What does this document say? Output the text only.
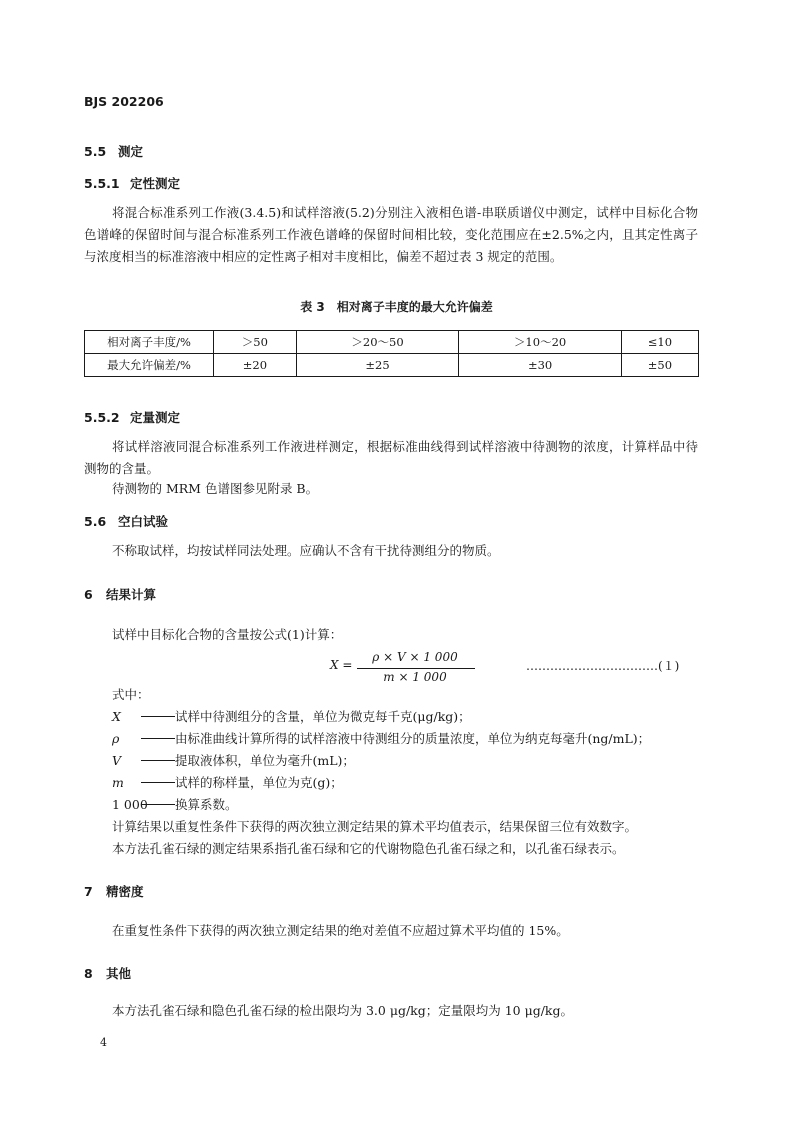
BJS 202206
5.5 测定
5.5.1 定性测定
将混合标准系列工作液(3.4.5)和试样溶液(5.2)分别注入液相色谱-串联质谱仪中测定，试样中目标化合物色谱峰的保留时间与混合标准系列工作液色谱峰的保留时间相比较，变化范围应在±2.5%之内，且其定性离子与浓度相当的标准溶液中相应的定性离子相对丰度相比，偏差不超过表 3 规定的范围。
表 3　相对离子丰度的最大允许偏差
相对离子丰度/%	＞50	＞20～50	＞10～20	≤10
最大允许偏差/%	±20	±25	±30	±50
5.5.2 定量测定
将试样溶液同混合标准系列工作液进样测定，根据标准曲线得到试样溶液中待测物的浓度，计算样品中待测物的含量。
待测物的 MRM 色谱图参见附录 B。
5.6 空白试验
不称取试样，均按试样同法处理。应确认不含有干扰待测组分的物质。
6 结果计算
试样中目标化合物的含量按公式(1)计算：
X =
ρ × V × 1 000
m × 1 000
……………………………(１)
式中：
X	试样中待测组分的含量，单位为微克每千克(μg/kg)；
ρ	由标准曲线计算所得的试样溶液中待测组分的质量浓度，单位为纳克每毫升(ng/mL)；
V	提取液体积，单位为毫升(mL)；
m	试样的称样量，单位为克(g)；
1 000 换算系数。
计算结果以重复性条件下获得的两次独立测定结果的算术平均值表示，结果保留三位有效数字。
本方法孔雀石绿的测定结果系指孔雀石绿和它的代谢物隐色孔雀石绿之和，以孔雀石绿表示。
7 精密度
在重复性条件下获得的两次独立测定结果的绝对差值不应超过算术平均值的 15%。
8 其他
本方法孔雀石绿和隐色孔雀石绿的检出限均为 3.0 μg/kg；定量限均为 10 μg/kg。
4
